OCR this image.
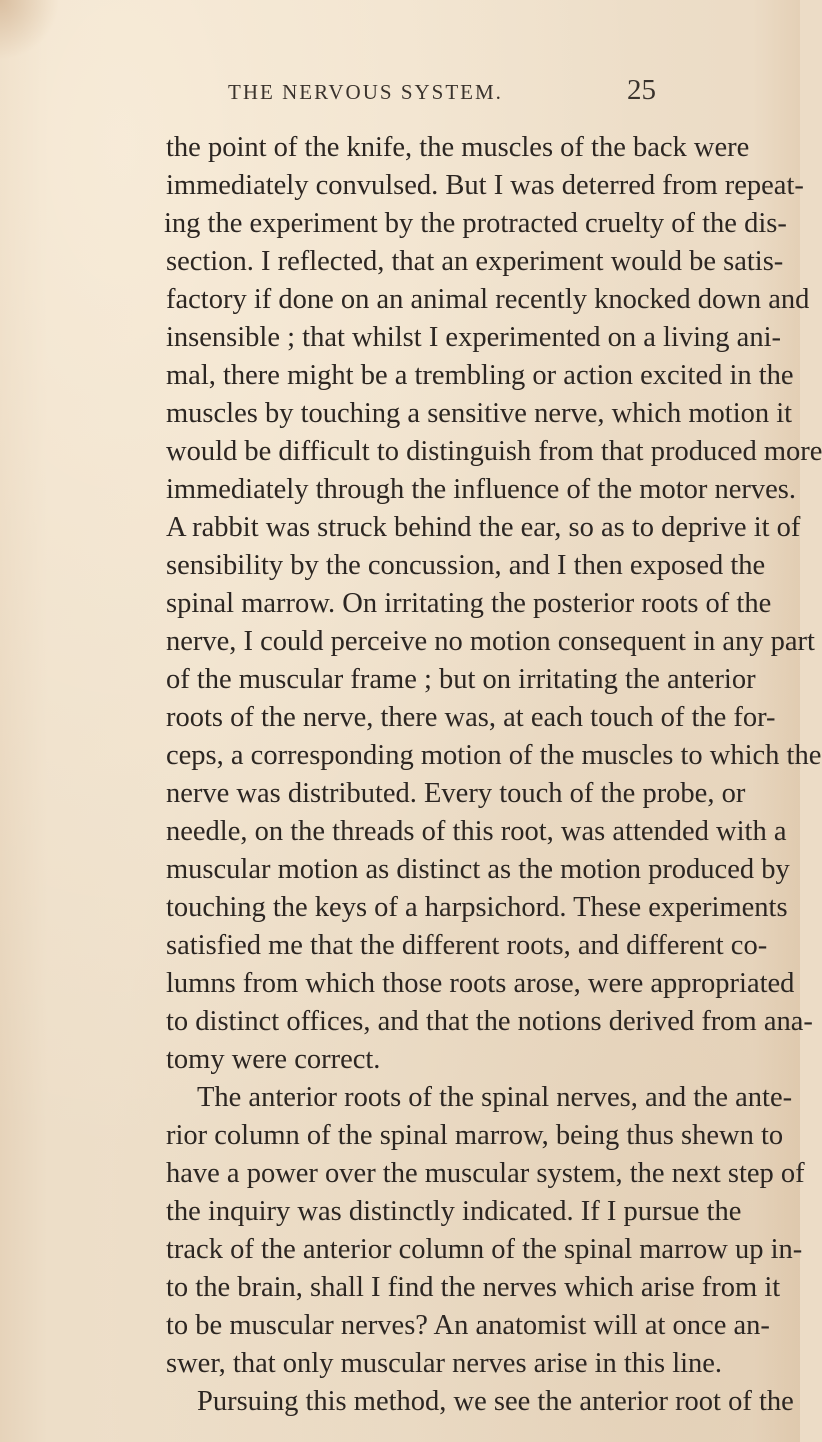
THE NERVOUS SYSTEM.	25
the point of the knife, the muscles of the back were
immediately convulsed. But I was deterred from repeat-
ing the experiment by the protracted cruelty of the dis-
section. I reflected, that an experiment would be satis-
factory if done on an animal recently knocked down and
insensible ; that whilst I experimented on a living ani-
mal, there might be a trembling or action excited in the
muscles by touching a sensitive nerve, which motion it
would be difficult to distinguish from that produced more
immediately through the influence of the motor nerves.
A rabbit was struck behind the ear, so as to deprive it of
sensibility by the concussion, and I then exposed the
spinal marrow. On irritating the posterior roots of the
nerve, I could perceive no motion consequent in any part
of the muscular frame ; but on irritating the anterior
roots of the nerve, there was, at each touch of the for-
ceps, a corresponding motion of the muscles to which the
nerve was distributed. Every touch of the probe, or
needle, on the threads of this root, was attended with a
muscular motion as distinct as the motion produced by
touching the keys of a harpsichord. These experiments
satisfied me that the different roots, and different co-
lumns from which those roots arose, were appropriated
to distinct offices, and that the notions derived from ana-
tomy were correct.
The anterior roots of the spinal nerves, and the ante-
rior column of the spinal marrow, being thus shewn to
have a power over the muscular system, the next step of
the inquiry was distinctly indicated. If I pursue the
track of the anterior column of the spinal marrow up in-
to the brain, shall I find the nerves which arise from it
to be muscular nerves? An anatomist will at once an-
swer, that only muscular nerves arise in this line.
Pursuing this method, we see the anterior root of the
